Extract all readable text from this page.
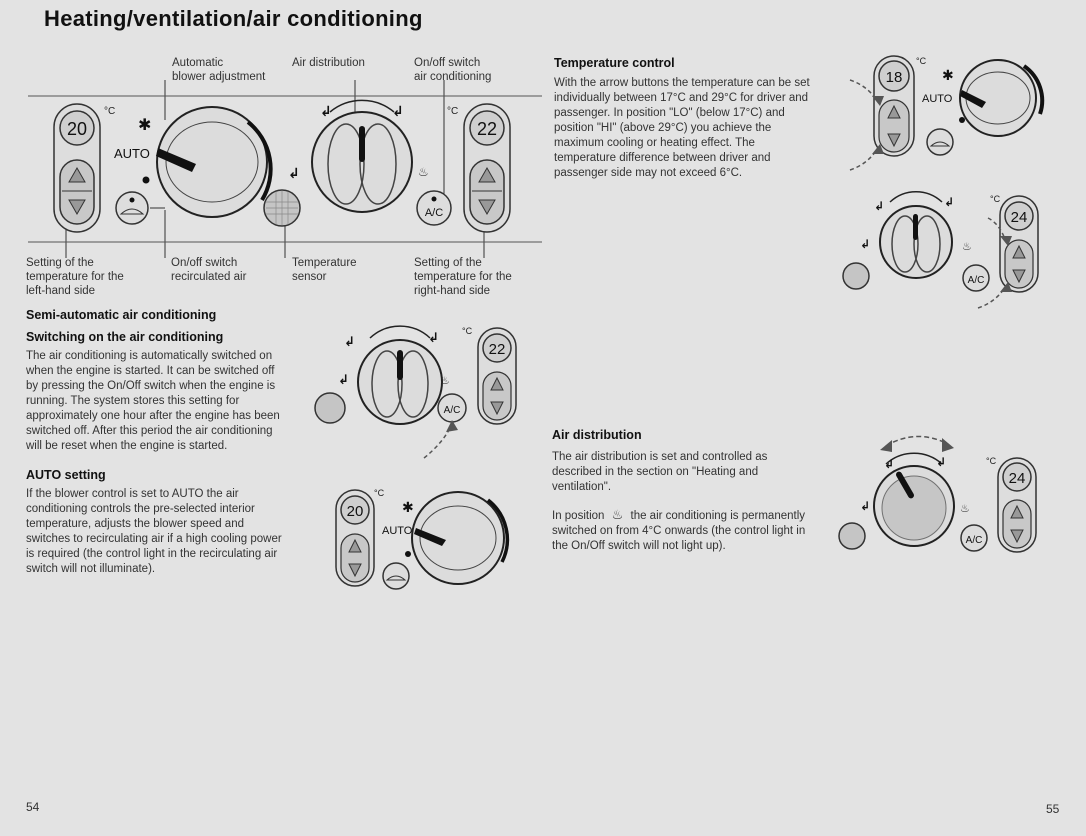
Heating/ventilation/air conditioning
Automatic
blower adjustment
Air distribution	On/off switch
air conditioning
Setting of the
temperature for the
left-hand side
On/off switch
recirculated air
Temperature
sensor
Setting of the
temperature for the
right-hand side
20
°C
✱
AUTO
↲	↲
↲	♨
A/C
°C
22
Semi-automatic air conditioning
Switching on the air conditioning
The air conditioning is automatically switched on when the engine is started. It can be switched off by pressing the On/Off switch when the engine is running. The system stores this setting for approximately one hour after the engine has been switched off. After this period the air conditioning will be reset when the engine is started.
AUTO setting
If the blower control is set to AUTO the air conditioning controls the pre-selected interior temperature, adjusts the blower speed and switches to recirculating air if a high cooling power is required (the control light in the recirculating air switch will not illuminate).
↲	↲
↲	♨
A/C
°C
22
20
°C
✱
AUTO
Temperature control
With the arrow buttons the temperature can be set individually between 17°C and 29°C for driver and passenger. In position "LO" (below 17°C) and position "HI" (above 29°C) you achieve the maximum cooling or heating effect. The temperature difference between driver and passenger side may not exceed 6°C.
Air distribution
The air distribution is set and controlled as described in the section on "Heating and ventilation".
In position ♨ the air conditioning is permanently switched on from 4°C onwards (the control light in the On/Off switch will not light up).
18
°C
✱
AUTO
↲	↲
↲	♨
A/C
°C
24
↲	↲
↲	♨
A/C
°C
24
54	55
